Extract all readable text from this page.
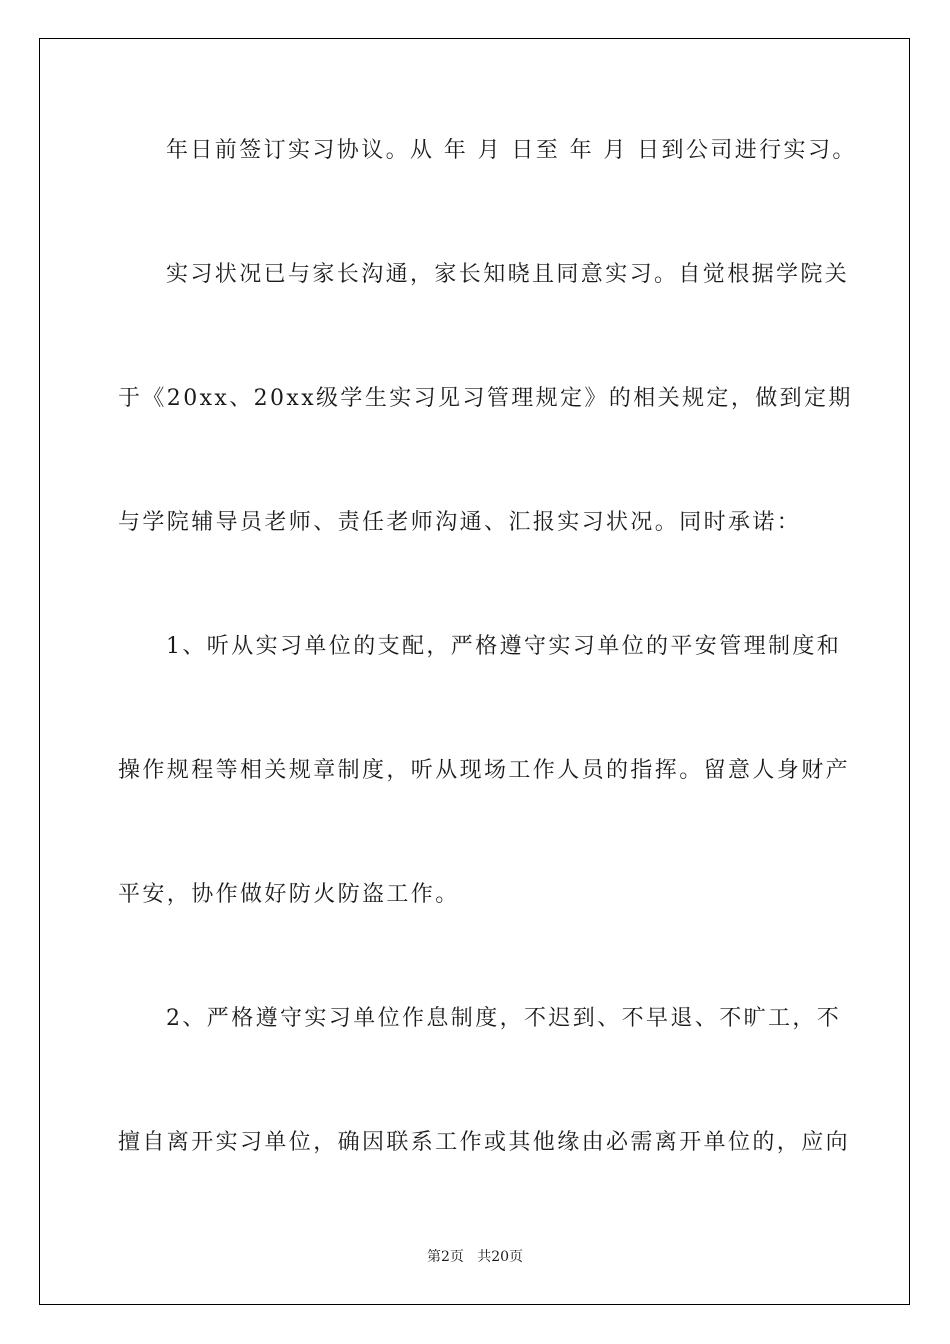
年日前签订实习协议。从 年 月 日至 年 月 日到公司进行实习。
实习状况已与家长沟通，家长知晓且同意实习。自觉根据学院关
于《20xx、20xx级学生实习见习管理规定》的相关规定，做到定期
与学院辅导员老师、责任老师沟通、汇报实习状况。同时承诺：
1、听从实习单位的支配，严格遵守实习单位的平安管理制度和
操作规程等相关规章制度，听从现场工作人员的指挥。留意人身财产
平安，协作做好防火防盗工作。
2、严格遵守实习单位作息制度，不迟到、不早退、不旷工，不
擅自离开实习单位，确因联系工作或其他缘由必需离开单位的，应向
第2页   共20页
